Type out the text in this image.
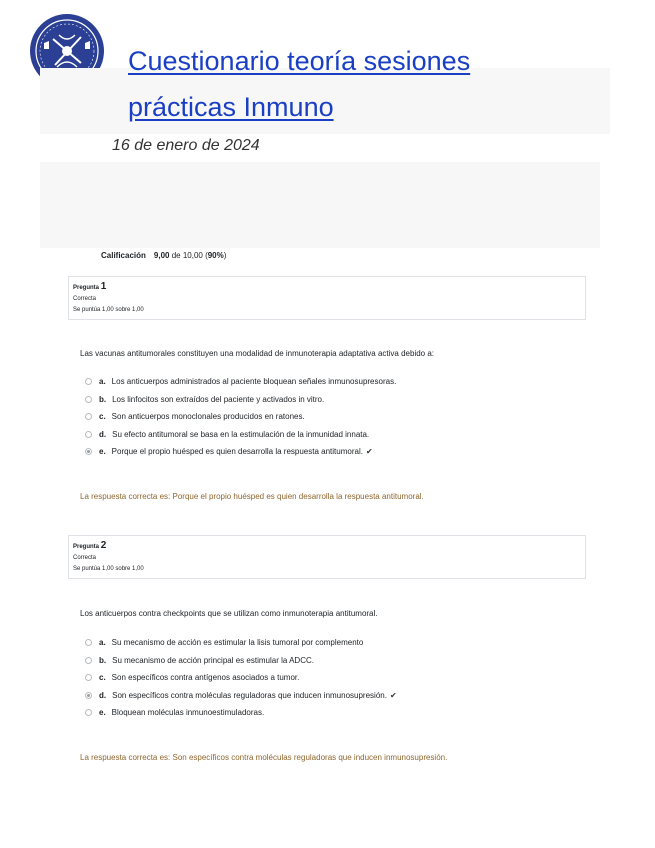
Cuestionario teoría sesiones prácticas Inmuno
16 de enero de 2024
Calificación 9,00 de 10,00 (90%)
Pregunta 1
Correcta
Se puntúa 1,00 sobre 1,00
Las vacunas antitumorales constituyen una modalidad de inmunoterapia adaptativa activa debido a:
a. Los anticuerpos administrados al paciente bloquean señales inmunosupresoras.
b. Los linfocitos son extraídos del paciente y activados in vitro.
c. Son anticuerpos monoclonales producidos en ratones.
d. Su efecto antitumoral se basa en la estimulación de la inmunidad innata.
e. Porque el propio huésped es quien desarrolla la respuesta antitumoral. ✔
La respuesta correcta es: Porque el propio huésped es quien desarrolla la respuesta antitumoral.
Pregunta 2
Correcta
Se puntúa 1,00 sobre 1,00
Los anticuerpos contra checkpoints que se utilizan como inmunoterapia antitumoral.
a. Su mecanismo de acción es estimular la lisis tumoral por complemento
b. Su mecanismo de acción principal es estimular la ADCC.
c. Son específicos contra antígenos asociados a tumor.
d. Son específicos contra moléculas reguladoras que inducen inmunosupresión. ✔
e. Bloquean moléculas inmunoestimuladoras.
La respuesta correcta es: Son específicos contra moléculas reguladoras que inducen inmunosupresión.
